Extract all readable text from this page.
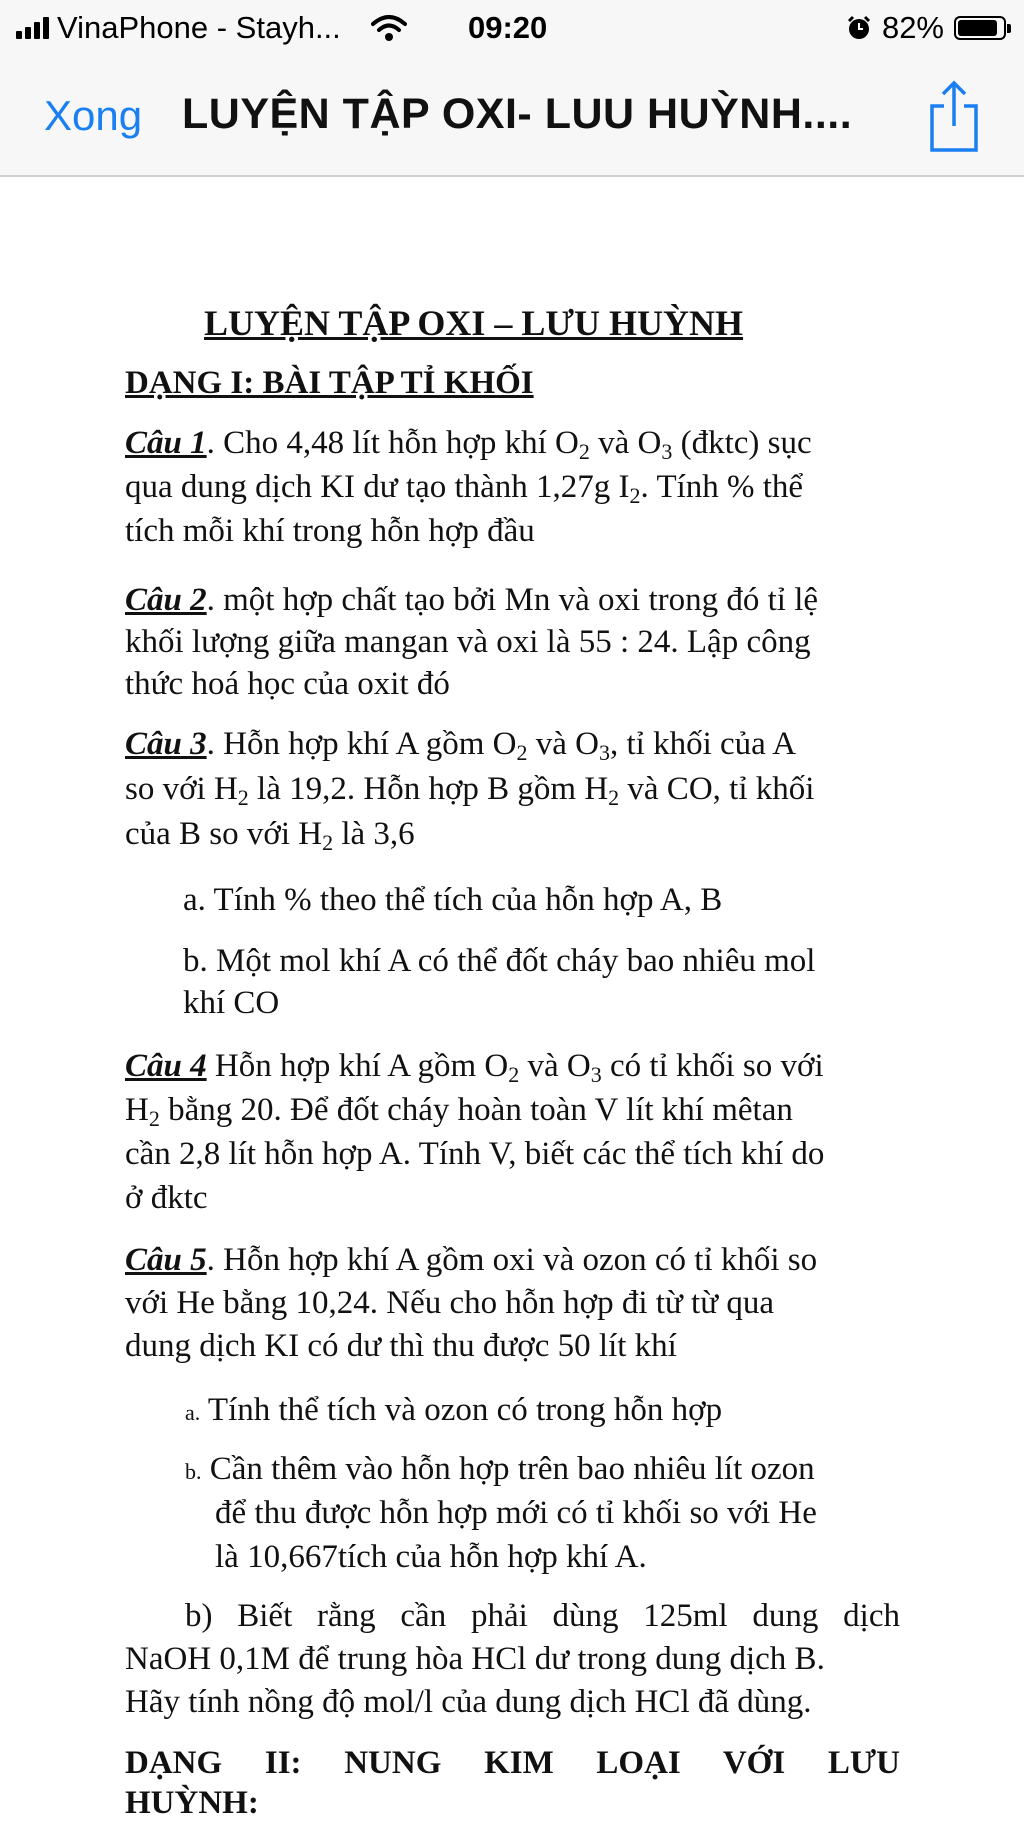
VinaPhone - Stayh...	09:20	82%
Xong LUYỆN TẬP OXI- LUU HUỲNH....
LUYỆN TẬP OXI – LƯU HUỲNH
DẠNG I: BÀI TẬP TỈ KHỐI
Câu 1. Cho 4,48 lít hỗn hợp khí $O_2$ và $O_3$ (đktc) sục
qua dung dịch KI dư tạo thành 1,27g $I_2$. Tính % thể
tích mỗi khí trong hỗn hợp đầu
Câu 2. một hợp chất tạo bởi Mn và oxi trong đó tỉ lệ
khối lượng giữa mangan và oxi là 55 : 24. Lập công
thức hoá học của oxit đó
Câu 3. Hỗn hợp khí A gồm $O_2$ và $O_3$, tỉ khối của A
so với $H_2$ là 19,2. Hỗn hợp B gồm $H_2$ và CO, tỉ khối
của B so với $H_2$ là 3,6
a. Tính % theo thể tích của hỗn hợp A, B
b. Một mol khí A có thể đốt cháy bao nhiêu mol
khí CO
Câu 4 Hỗn hợp khí A gồm $O_2$ và $O_3$ có tỉ khối so với
$H_2$ bằng 20. Để đốt cháy hoàn toàn V lít khí mêtan
cần 2,8 lít hỗn hợp A. Tính V, biết các thể tích khí do
ở đktc
Câu 5. Hỗn hợp khí A gồm oxi và ozon có tỉ khối so
với He bằng 10,24. Nếu cho hỗn hợp đi từ từ qua
dung dịch KI có dư thì thu được 50 lít khí
a. Tính thể tích và ozon có trong hỗn hợp
b. Cần thêm vào hỗn hợp trên bao nhiêu lít ozon
để thu được hỗn hợp mới có tỉ khối so với He
là 10,667tích của hỗn hợp khí A.
b) Biết rằng cần phải dùng 125ml dung dịch
NaOH 0,1M để trung hòa HCl dư trong dung dịch B.
Hãy tính nồng độ mol/l của dung dịch HCl đã dùng.
DẠNG II: NUNG KIM LOẠI VỚI LƯU
HUỲNH:
